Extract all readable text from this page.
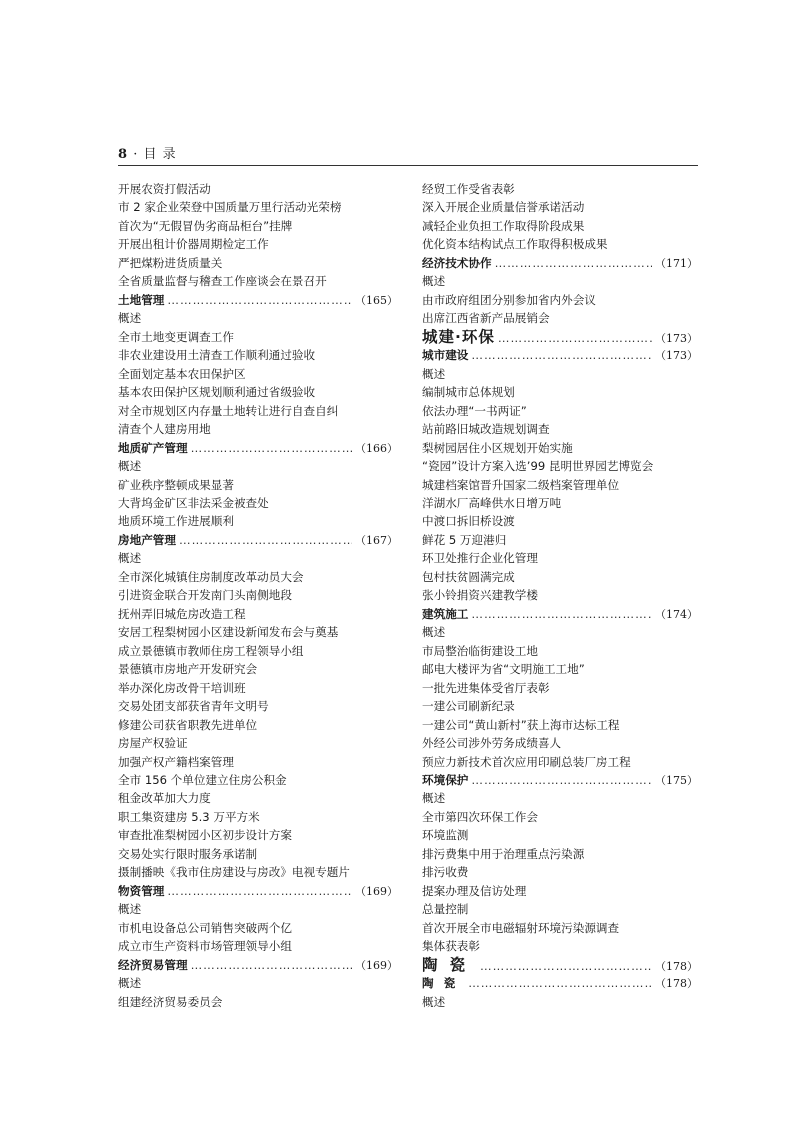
8 · 目 录
开展农资打假活动
市 2 家企业荣登中国质量万里行活动光荣榜
首次为“无假冒伪劣商品柜台”挂牌
开展出租计价器周期检定工作
严把煤粉进货质量关
全省质量监督与稽查工作座谈会在景召开
土地管理 ……………………………………………………………………………………………………………………	（165）
概述
全市土地变更调查工作
非农业建设用土清查工作顺利通过验收
全面划定基本农田保护区
基本农田保护区规划顺利通过省级验收
对全市规划区内存量土地转让进行自查自纠
清查个人建房用地
地质矿产管理 ……………………………………………………………………………………………………………………	（166）
概述
矿业秩序整顿成果显著
大背坞金矿区非法采金被查处
地质环境工作进展顺利
房地产管理 ……………………………………………………………………………………………………………………	（167）
概述
全市深化城镇住房制度改革动员大会
引进资金联合开发南门头南侧地段
抚州弄旧城危房改造工程
安居工程梨树园小区建设新闻发布会与奠基
成立景德镇市教师住房工程领导小组
景德镇市房地产开发研究会
举办深化房改骨干培训班
交易处团支部获省青年文明号
修建公司获省职教先进单位
房屋产权验证
加强产权产籍档案管理
全市 156 个单位建立住房公积金
租金改革加大力度
职工集资建房 5.3 万平方米
审查批准梨树园小区初步设计方案
交易处实行限时服务承诺制
摄制播映《我市住房建设与房改》电视专题片
物资管理 ……………………………………………………………………………………………………………………	（169）
概述
市机电设备总公司销售突破两个亿
成立市生产资料市场管理领导小组
经济贸易管理 ……………………………………………………………………………………………………………………	（169）
概述
组建经济贸易委员会
经贸工作受省表彰
深入开展企业质量信誉承诺活动
减轻企业负担工作取得阶段成果
优化资本结构试点工作取得积极成果
经济技术协作 ……………………………………………………………………………………………………………………	（171）
概述
由市政府组团分别参加省内外会议
出席江西省新产品展销会
城建·环保 ……………………………………………………………………………………………………………………	（173）
城市建设 ……………………………………………………………………………………………………………………	（173）
概述
编制城市总体规划
依法办理“一书两证”
站前路旧城改造规划调查
梨树园居住小区规划开始实施
“瓷园”设计方案入选’99 昆明世界园艺博览会
城建档案馆晋升国家二级档案管理单位
洋湖水厂高峰供水日增万吨
中渡口拆旧桥设渡
鲜花 5 万迎港归
环卫处推行企业化管理
包村扶贫圆满完成
张小铃捐资兴建教学楼
建筑施工 ……………………………………………………………………………………………………………………	（174）
概述
市局整治临街建设工地
邮电大楼评为省“文明施工工地”
一批先进集体受省厅表彰
一建公司刷新纪录
一建公司“黄山新村”获上海市达标工程
外经公司涉外劳务成绩喜人
预应力新技术首次应用印刷总装厂房工程
环境保护 ……………………………………………………………………………………………………………………	（175）
概述
全市第四次环保工作会
环境监测
排污费集中用于治理重点污染源
排污收费
提案办理及信访处理
总量控制
首次开展全市电磁辐射环境污染源调查
集体获表彰
陶瓷 ……………………………………………………………………………………………………………………	（178）
陶瓷 ……………………………………………………………………………………………………………………	（178）
概述
